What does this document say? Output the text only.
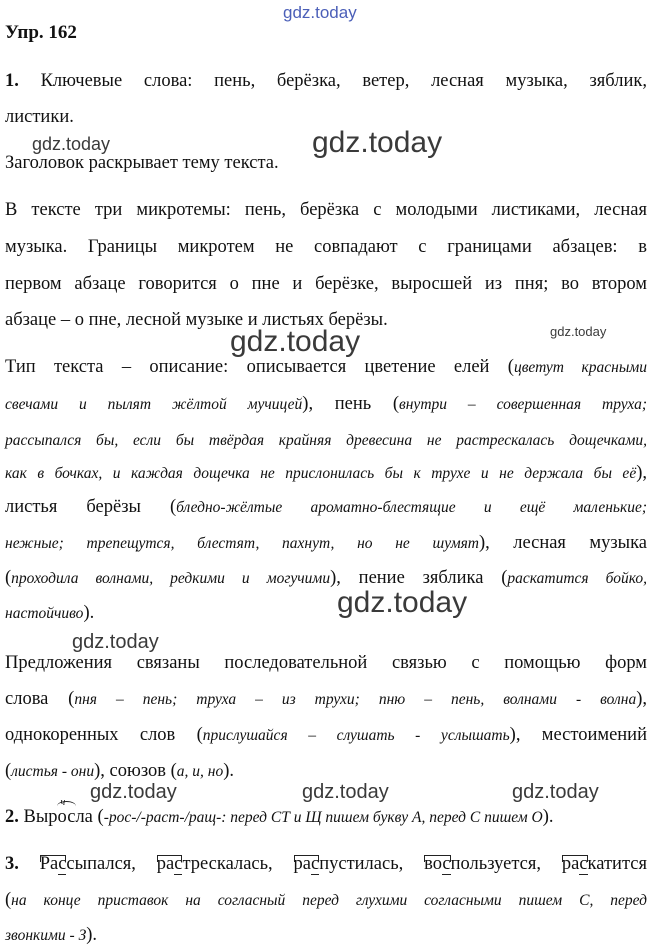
gdz.today
gdz.today	gdz.today
gdz.today
gdz.today
gdz.today
gdz.today
gdz.today	gdz.today	gdz.today
Упр. 162
1. Ключевые слова: пень, берёзка, ветер, лесная музыка, зяблик,
листики.
Заголовок раскрывает тему текста.
В тексте три микротемы: пень, берёзка с молодыми листиками, лесная
музыка. Границы микротем не совпадают с границами абзацев: в
первом абзаце говорится о пне и берёзке, выросшей из пня; во втором
абзаце – о пне, лесной музыке и листьях берёзы.
Тип текста – описание: описывается цветение елей (цветут красными
свечами и пылят жёлтой мучицей), пень (внутри – совершенная труха;
рассыпался бы, если бы твёрдая крайняя древесина не растрескалась дощечками,
как в бочках, и каждая дощечка не прислонилась бы к трухе и не держала бы её),
листья берёзы (бледно-жёлтые ароматно-блестящие и ещё маленькие;
нежные; трепещутся, блестят, пахнут, но не шумят), лесная музыка
(проходила волнами, редкими и могучими), пение зяблика (раскатится бойко,
настойчиво).
Предложения связаны последовательной связью с помощью форм
слова (пня – пень; труха – из трухи; пню – пень, волнами - волна),
однокоренных слов (прислушайся – слушать - услышать), местоимений
(листья - они), союзов (а, и, но).
2. Выр
ч
осла (-рос-/-раст-/ращ-: перед СТ и Щ пишем букву А, перед С пишем О).
3. Рассыпался, растрескалась, распустилась, воспользуется, раскатится
(на конце приставок на согласный перед глухими согласными пишем С, перед
звонкими - З).
